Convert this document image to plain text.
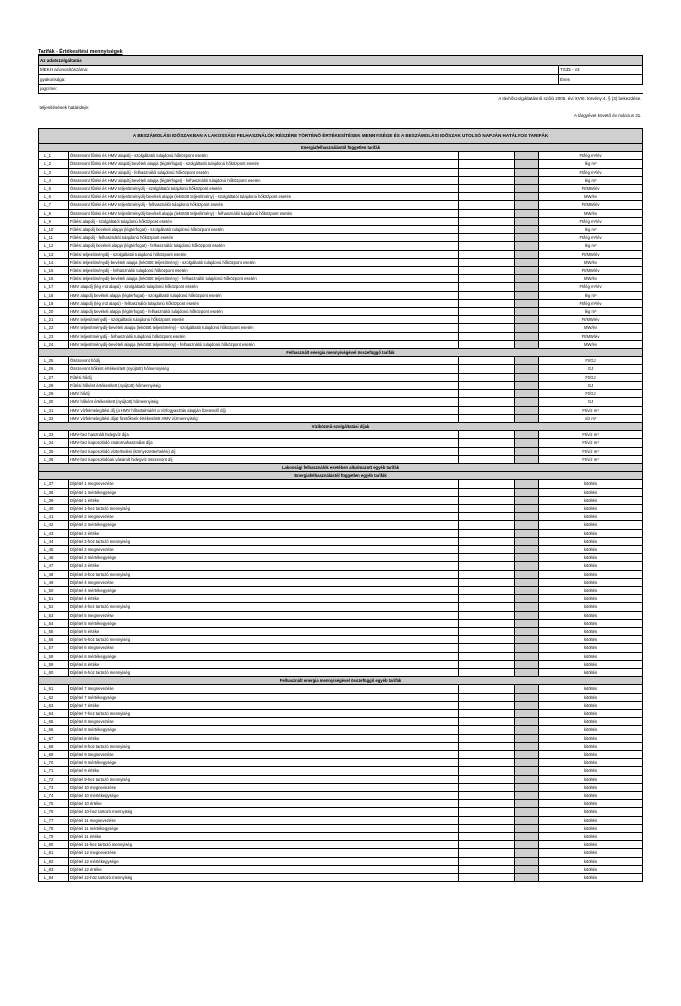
Tarifák - Értékesítési mennyiségek
Az adatszolgáltatás	
MEKH azonosítószáma:	TS35 - v3
gyakorisága:	Éves
jogcíme:	
A távhőszolgáltatásról szóló 2005. évi XVIII. törvény 4. § (3) bekezdése.	
teljesítésének határideje:	
A tárgyévet követő év március 31.	
A BESZÁMOLÁSI IDŐSZAKBAN A LAKOSSÁGI FELHASZNÁLÓK RÉSZÉRE TÖRTÉNŐ ÉRTÉKESÍTÉSEK MENNYISÉGE ÉS A BESZÁMOLÁSI IDŐSZAK UTOLSÓ NAPJÁN HATÁLYOS TARIFÁK				
Energiafelhasználástól független tarifák				
L_1	Összevont fűtési és HMV alapdíj - szolgáltatói tulajdonú hőközpont esetén			Ft/lég m³/év
L_2	Összevont fűtési és HMV alapdíj bevételi alapja (légtérfogat) - szolgáltatói tulajdonú hőközpont esetén			lég m³
L_3	Összevont fűtési és HMV alapdíj - felhasználói tulajdonú hőközpont esetén			Ft/lég m³/év
L_4	Összevont fűtési és HMV alapdíj bevételi alapja (légtérfogat) - felhasználói tulajdonú hőközpont esetén			lég m³
L_5	Összevont fűtési és HMV teljesítménydíj - szolgáltatói tulajdonú hőközpont esetén			Ft/MW/év
L_6	Összevont fűtési és HMV teljesítménydíj-bevételi alapja (lekötött teljesítmény) - szolgáltatói tulajdonú hőközpont esetén			MW/év
L_7	Összevont fűtési és HMV teljesítménydíj - felhasználói tulajdonú hőközpont esetén			Ft/MW/év
L_8	Összevont fűtési és HMV teljesítménydíj-bevételi alapja (lekötött teljesítmény) - felhasználói tulajdonú hőközpont esetén			MW/év
L_9	Fűtési alapdíj - szolgáltatói tulajdonú hőközpont esetén			Ft/lég m³/év
L_10	Fűtési alapdíj bevételi alapja (légtérfogat) - szolgáltatói tulajdonú hőközpont esetén			lég m³
L_11	Fűtési alapdíj - felhasználói tulajdonú hőközpont esetén			Ft/lég m³/év
L_12	Fűtési alapdíj bevételi alapja (légtérfogat) - felhasználói tulajdonú hőközpont esetén			lég m³
L_13	Fűtési teljesítménydíj - szolgáltatói tulajdonú hőközpont esetén			Ft/MW/év
L_14	Fűtési teljesítménydíj-bevételi alapja (lekötött teljesítmény) - szolgáltatói tulajdonú hőközpont esetén			MW/év
L_15	Fűtési teljesítménydíj - felhasználói tulajdonú hőközpont esetén			Ft/MW/év
L_16	Fűtési teljesítménydíj-bevételi alapja (lekötött teljesítmény) - felhasználói tulajdonú hőközpont esetén			MW/év
L_17	HMV alapdíj (lég m3 alapú) - szolgáltatói tulajdonú hőközpont esetén			Ft/lég m³/év
L_18	HMV alapdíj bevételi alapja (légtérfogat) - szolgáltatói tulajdonú hőközpont esetén			lég m³
L_19	HMV alapdíj (lég m3 alapú) - felhasználói tulajdonú hőközpont esetén			Ft/lég m³/év
L_20	HMV alapdíj bevételi alapja (légtérfogat) - felhasználói tulajdonú hőközpont esetén			lég m³
L_21	HMV teljesítménydíj - szolgáltatói tulajdonú hőközpont esetén			Ft/MW/év
L_22	HMV teljesítménydíj-bevételi alapja (lekötött teljesítmény) - szolgáltatói tulajdonú hőközpont esetén			MW/év
L_23	HMV teljesítménydíj - felhasználói tulajdonú hőközpont esetén			Ft/MW/év
L_24	HMV teljesítménydíj-bevételi alapja (lekötött teljesítmény) - felhasználói tulajdonú hőközpont esetén			MW/év
Felhasznált energia mennyiségével összefüggő tarifák				
L_25	Összevont hődíj			Ft/GJ
L_26	Összevont hőként értékesített (nyújtott) hőmennyiség			GJ
L_27	Fűtési hődíj			Ft/GJ
L_28	Fűtési hőként értékesített (nyújtott) hőmennyiség			GJ
L_29	HMV hődíj			Ft/GJ
L_30	HMV hőként értékesített (nyújtott) hőmennyiség			GJ
L_31	HMV vízfelmelegítési díj (a HMV hőtartalmáért a vízfogyasztás alapján fizetendő díj)			Ft/víz m³
L_32	HMV vízfelmelegítési díjat fizetőknek értékesített HMV vízmennyiség			víz m³
Víziközmű-szolgáltatási díjak				
L_33	HMV-hez használt hidegvíz díja			Ft/víz m³
L_34	HMV-hez kapcsolódó csatornahasználat díja			Ft/víz m³
L_35	HMV-hez kapcsolódó vízterhelési (környezetterhelési) díj			Ft/víz m³
L_36	HMV-hez kapcsolódóan vásárolt hidegvíz összevont díj			Ft/víz m³
Lakossági felhasználók esetében alkalmazott egyéb tarifák				
Energiafelhasználástól független egyéb tarifák				
L_37	Díjtétel 1 megnevezése			kitöltés
L_38	Díjtétel 1 mértékegysége			kitöltés
L_39	Díjtétel 1 értéke			kitöltés
L_40	Díjtétel 1-hez tartozó mennyiség			kitöltés
L_41	Díjtétel 2 megnevezése			kitöltés
L_42	Díjtétel 2 mértékegysége			kitöltés
L_43	Díjtétel 2 értéke			kitöltés
L_44	Díjtétel 2-höz tartozó mennyiség			kitöltés
L_45	Díjtétel 3 megnevezése			kitöltés
L_46	Díjtétel 3 mértékegysége			kitöltés
L_47	Díjtétel 3 értéke			kitöltés
L_48	Díjtétel 3-hoz tartozó mennyiség			kitöltés
L_49	Díjtétel 4 megnevezése			kitöltés
L_50	Díjtétel 4 mértékegysége			kitöltés
L_51	Díjtétel 4 értéke			kitöltés
L_52	Díjtétel 4-hez tartozó mennyiség			kitöltés
L_53	Díjtétel 5 megnevezése			kitöltés
L_54	Díjtétel 5 mértékegysége			kitöltés
L_55	Díjtétel 5 értéke			kitöltés
L_56	Díjtétel 5-höz tartozó mennyiség			kitöltés
L_57	Díjtétel 6 megnevezése			kitöltés
L_58	Díjtétel 6 mértékegysége			kitöltés
L_59	Díjtétel 6 értéke			kitöltés
L_60	Díjtétel 6-hoz tartozó mennyiség			kitöltés
Felhasznált energia mennyiségével összefüggő egyéb tarifák				
L_61	Díjtétel 7 megnevezése			kitöltés
L_62	Díjtétel 7 mértékegysége			kitöltés
L_63	Díjtétel 7 értéke			kitöltés
L_64	Díjtétel 7-hez tartozó mennyiség			kitöltés
L_65	Díjtétel 8 megnevezése			kitöltés
L_66	Díjtétel 8 mértékegysége			kitöltés
L_67	Díjtétel 8 értéke			kitöltés
L_68	Díjtétel 8-hoz tartozó mennyiség			kitöltés
L_69	Díjtétel 9 megnevezése			kitöltés
L_70	Díjtétel 9 mértékegysége			kitöltés
L_71	Díjtétel 9 értéke			kitöltés
L_72	Díjtétel 9-hez tartozó mennyiség			kitöltés
L_73	Díjtétel 10 megnevezése			kitöltés
L_74	Díjtétel 10 mértékegysége			kitöltés
L_75	Díjtétel 10 értéke			kitöltés
L_76	Díjtétel 10-hez tartozó mennyiség			kitöltés
L_77	Díjtétel 11 megnevezése			kitöltés
L_78	Díjtétel 11 mértékegysége			kitöltés
L_79	Díjtétel 11 értéke			kitöltés
L_80	Díjtétel 11-hez tartozó mennyiség			kitöltés
L_81	Díjtétel 12 megnevezése			kitöltés
L_82	Díjtétel 12 mértékegysége			kitöltés
L_83	Díjtétel 12 értéke			kitöltés
L_84	Díjtétel 12-höz tartozó mennyiség			kitöltés
